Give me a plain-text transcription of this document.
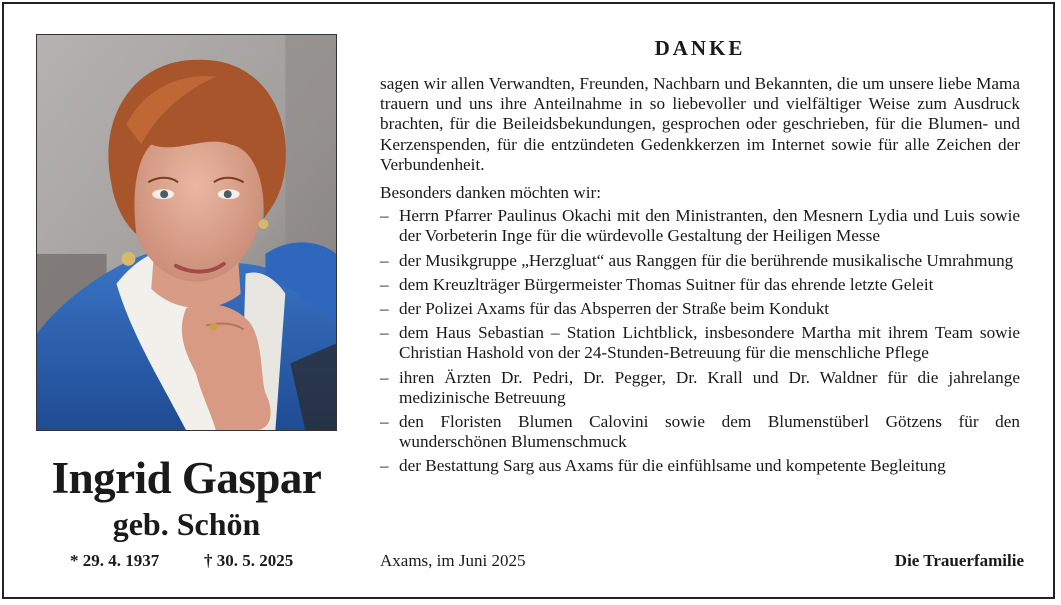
Ingrid Gaspar
geb. Schön
* 29. 4. 1937	† 30. 5. 2025
DANKE

sagen wir allen Verwandten, Freunden, Nachbarn und Bekannten, die um unsere liebe Mama trauern und uns ihre Anteilnahme in so liebevoller und vielfältiger Weise zum Ausdruck brachten, für die Beileidsbekundungen, gesprochen oder geschrieben, für die Blumen- und Kerzenspenden, für die entzündeten Gedenkkerzen im Internet sowie für alle Zeichen der Verbundenheit.

Besonders danken möchten wir:

– Herrn Pfarrer Paulinus Okachi mit den Ministranten, den Mesnern Lydia und Luis sowie der Vorbeterin Inge für die würdevolle Gestaltung der Heiligen Messe
– der Musikgruppe „Herzgluat“ aus Ranggen für die berührende musikalische Umrahmung
– dem Kreuzlträger Bürgermeister Thomas Suitner für das ehrende letzte Geleit
– der Polizei Axams für das Absperren der Straße beim Kondukt
– dem Haus Sebastian – Station Lichtblick, insbesondere Martha mit ihrem Team sowie Christian Hashold von der 24-Stunden-Betreuung für die menschliche Pflege
– ihren Ärzten Dr. Pedri, Dr. Pegger, Dr. Krall und Dr. Waldner für die jahrelange medizinische Betreuung
– den Floristen Blumen Calovini sowie dem Blumenstüberl Götzens für den wunderschönen Blumenschmuck
– der Bestattung Sarg aus Axams für die einfühlsame und kompetente Begleitung
Axams, im Juni 2025	Die Trauerfamilie
